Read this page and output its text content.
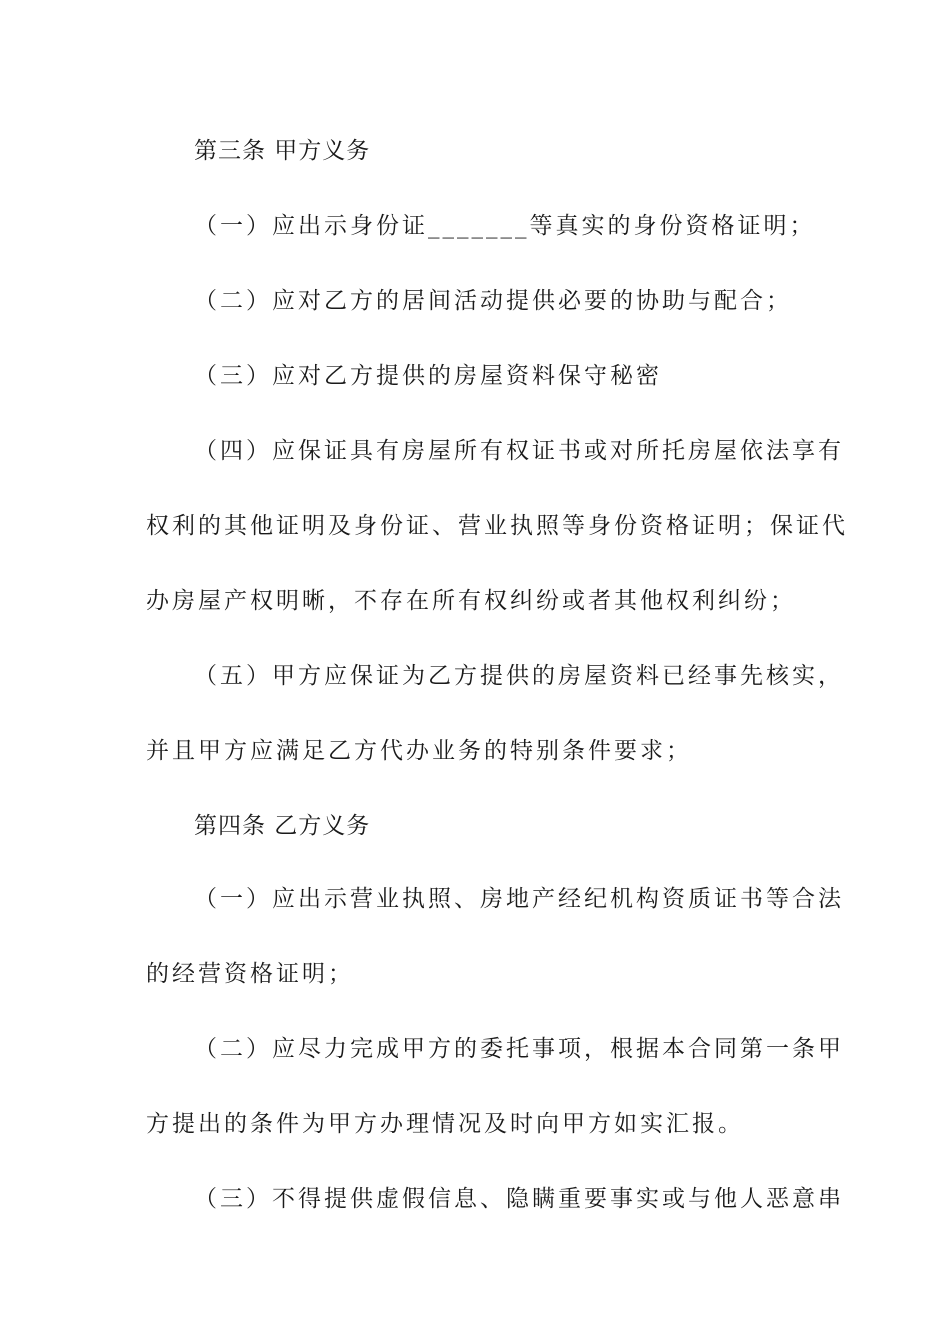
第三条 甲方义务
（一）应出示身份证_______等真实的身份资格证明；
（二）应对乙方的居间活动提供必要的协助与配合；
（三）应对乙方提供的房屋资料保守秘密
（四）应保证具有房屋所有权证书或对所托房屋依法享有
权利的其他证明及身份证、营业执照等身份资格证明；保证代
办房屋产权明晰，不存在所有权纠纷或者其他权利纠纷；
（五）甲方应保证为乙方提供的房屋资料已经事先核实，
并且甲方应满足乙方代办业务的特别条件要求；
第四条 乙方义务
（一）应出示营业执照、房地产经纪机构资质证书等合法
的经营资格证明；
（二）应尽力完成甲方的委托事项，根据本合同第一条甲
方提出的条件为甲方办理情况及时向甲方如实汇报。
（三）不得提供虚假信息、隐瞒重要事实或与他人恶意串
